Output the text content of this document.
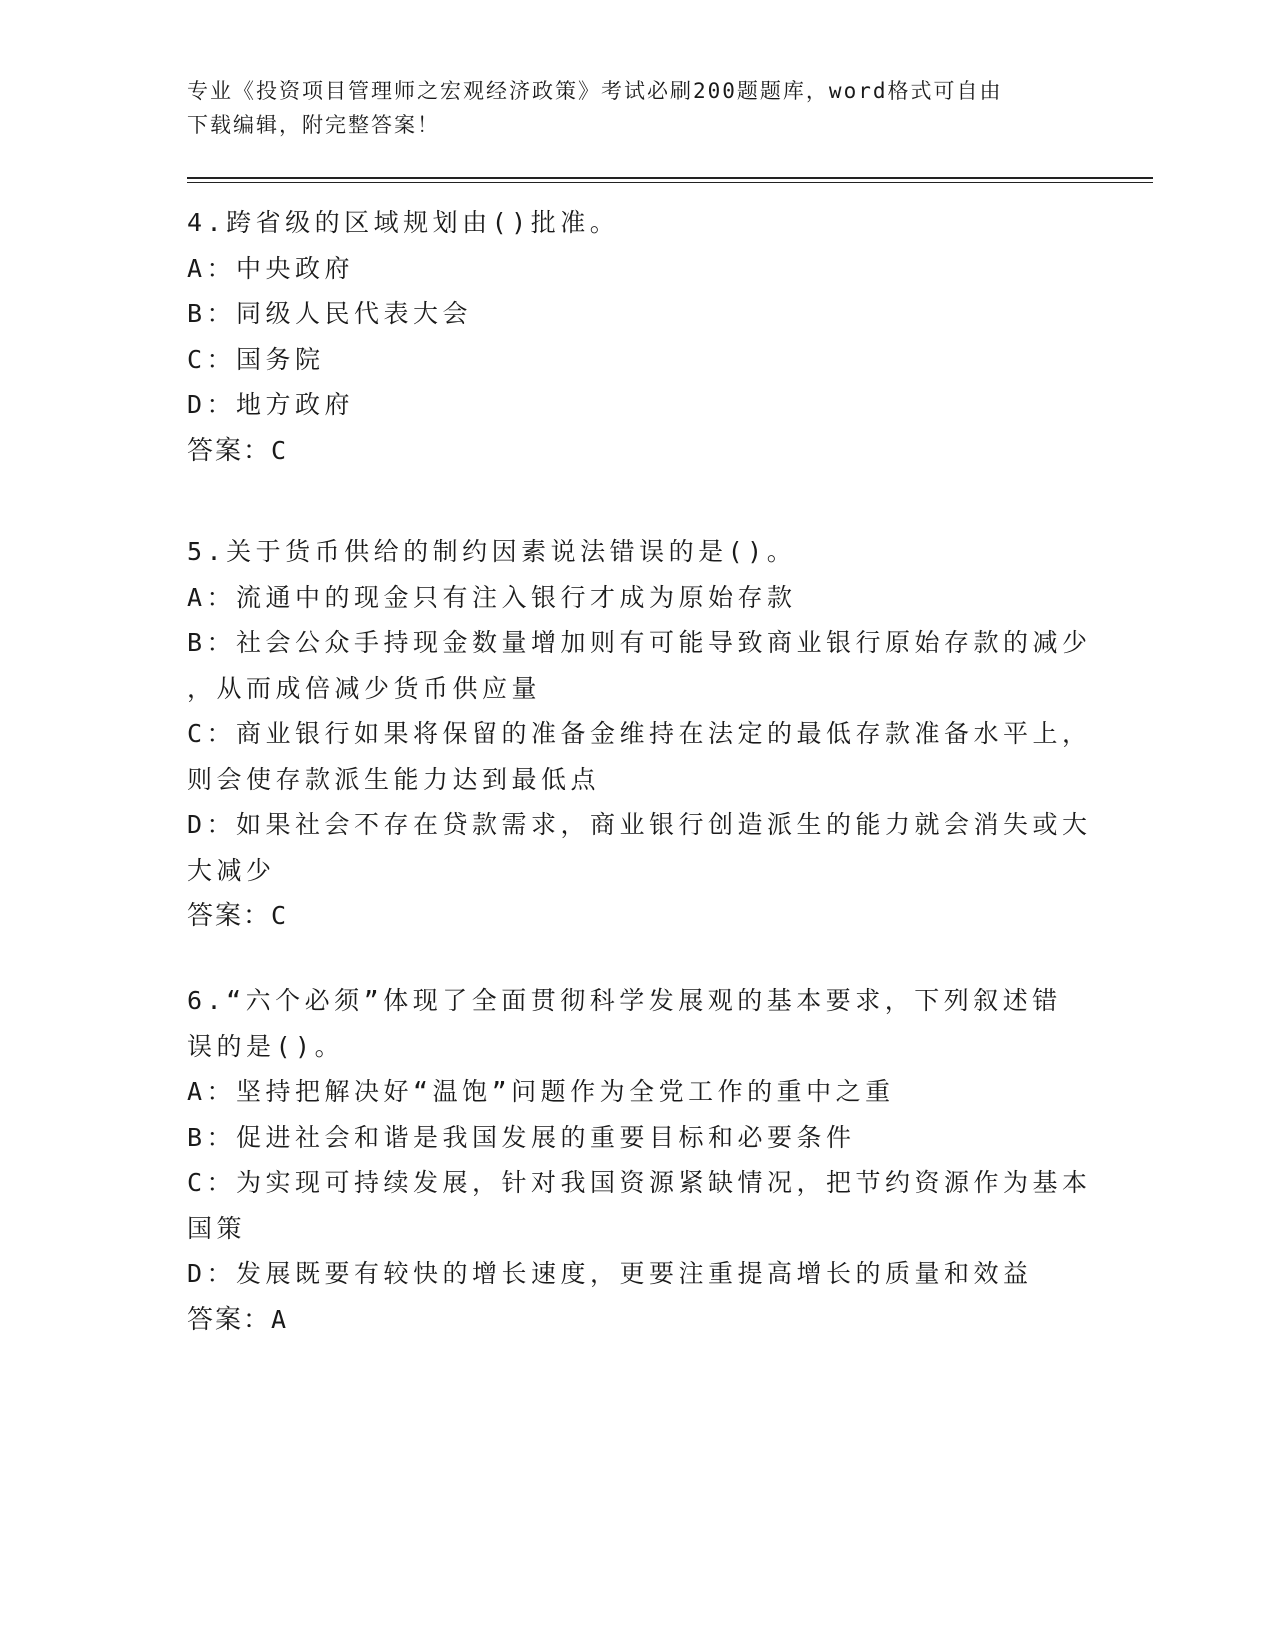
专业《投资项目管理师之宏观经济政策》考试必刷200题题库，word格式可自由
下载编辑，附完整答案！
4.跨省级的区域规划由()批准。
A：中央政府
B：同级人民代表大会
C：国务院
D：地方政府
答案：C
5.关于货币供给的制约因素说法错误的是()。
A：流通中的现金只有注入银行才成为原始存款
B：社会公众手持现金数量增加则有可能导致商业银行原始存款的减少
，从而成倍减少货币供应量
C：商业银行如果将保留的准备金维持在法定的最低存款准备水平上，
则会使存款派生能力达到最低点
D：如果社会不存在贷款需求，商业银行创造派生的能力就会消失或大
大减少
答案：C
6.“六个必须”体现了全面贯彻科学发展观的基本要求，下列叙述错
误的是()。
A：坚持把解决好“温饱”问题作为全党工作的重中之重
B：促进社会和谐是我国发展的重要目标和必要条件
C：为实现可持续发展，针对我国资源紧缺情况，把节约资源作为基本
国策
D：发展既要有较快的增长速度，更要注重提高增长的质量和效益
答案：A
